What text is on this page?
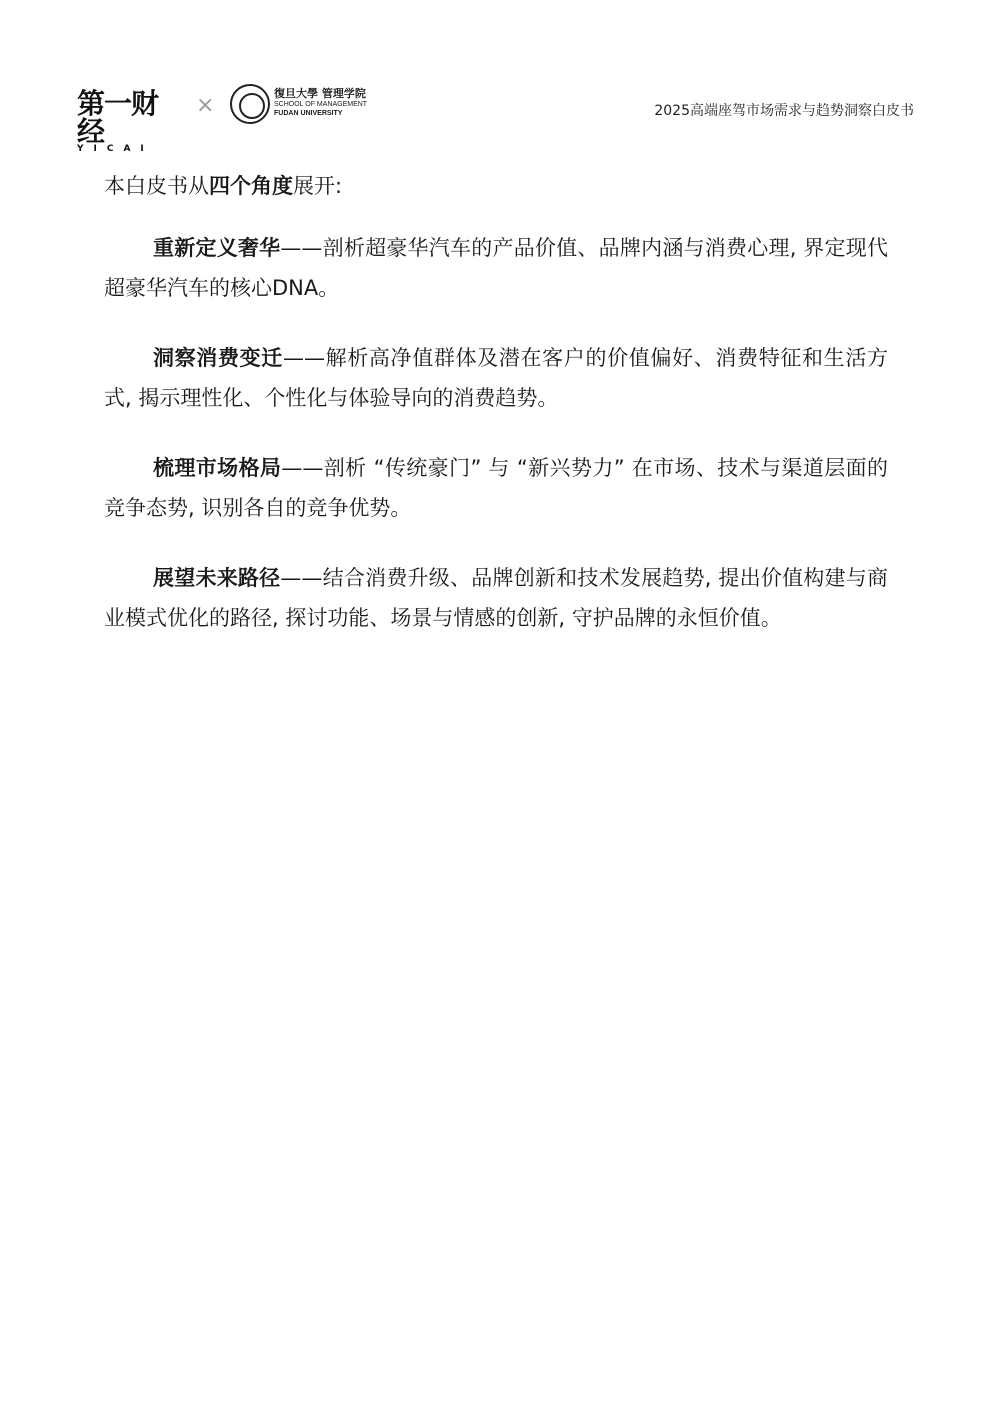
第一财经
YICAI
×	復旦大學 管理学院
SCHOOL OF MANAGEMENT
FUDAN UNIVERSITY	2025高端座驾市场需求与趋势洞察白皮书

本白皮书从四个角度展开:

重新定义奢华——剖析超豪华汽车的产品价值、品牌内涵与消费心理, 界定现代超豪华汽车的核心DNA。

洞察消费变迁——解析高净值群体及潜在客户的价值偏好、消费特征和生活方式, 揭示理性化、个性化与体验导向的消费趋势。

梳理市场格局——剖析 “传统豪门” 与 “新兴势力” 在市场、技术与渠道层面的竞争态势, 识别各自的竞争优势。

展望未来路径——结合消费升级、品牌创新和技术发展趋势, 提出价值构建与商业模式优化的路径, 探讨功能、场景与情感的创新, 守护品牌的永恒价值。
